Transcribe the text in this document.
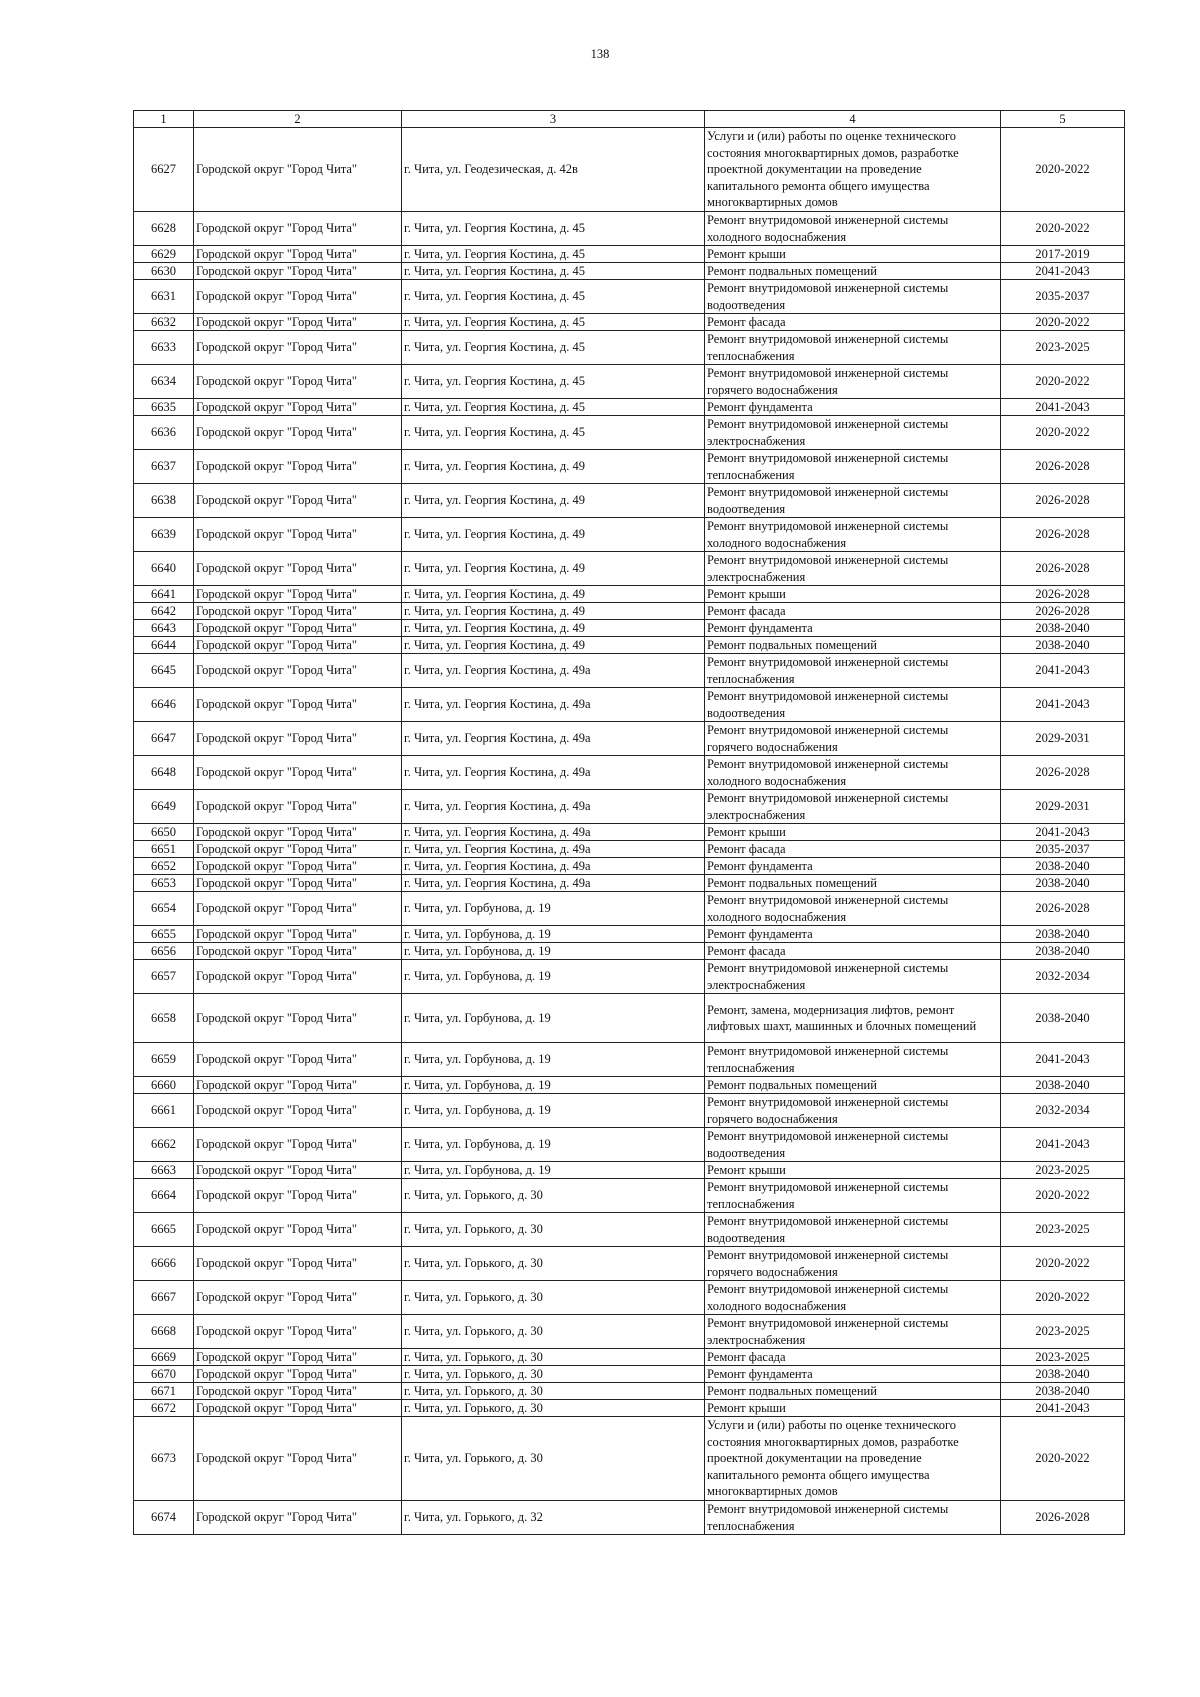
138
1	2	3	4	5
6627	Городской округ "Город Чита"	г. Чита, ул. Геодезическая, д. 42в	Услуги и (или) работы по оценке технического
состояния многоквартирных домов, разработке
проектной документации на проведение
капитального ремонта общего имущества
многоквартирных домов	2020-2022
6628	Городской округ "Город Чита"	г. Чита, ул. Георгия Костина, д. 45	Ремонт внутридомовой инженерной системы
холодного водоснабжения	2020-2022
6629	Городской округ "Город Чита"	г. Чита, ул. Георгия Костина, д. 45	Ремонт крыши	2017-2019
6630	Городской округ "Город Чита"	г. Чита, ул. Георгия Костина, д. 45	Ремонт подвальных помещений	2041-2043
6631	Городской округ "Город Чита"	г. Чита, ул. Георгия Костина, д. 45	Ремонт внутридомовой инженерной системы
водоотведения	2035-2037
6632	Городской округ "Город Чита"	г. Чита, ул. Георгия Костина, д. 45	Ремонт фасада	2020-2022
6633	Городской округ "Город Чита"	г. Чита, ул. Георгия Костина, д. 45	Ремонт внутридомовой инженерной системы
теплоснабжения	2023-2025
6634	Городской округ "Город Чита"	г. Чита, ул. Георгия Костина, д. 45	Ремонт внутридомовой инженерной системы
горячего водоснабжения	2020-2022
6635	Городской округ "Город Чита"	г. Чита, ул. Георгия Костина, д. 45	Ремонт фундамента	2041-2043
6636	Городской округ "Город Чита"	г. Чита, ул. Георгия Костина, д. 45	Ремонт внутридомовой инженерной системы
электроснабжения	2020-2022
6637	Городской округ "Город Чита"	г. Чита, ул. Георгия Костина, д. 49	Ремонт внутридомовой инженерной системы
теплоснабжения	2026-2028
6638	Городской округ "Город Чита"	г. Чита, ул. Георгия Костина, д. 49	Ремонт внутридомовой инженерной системы
водоотведения	2026-2028
6639	Городской округ "Город Чита"	г. Чита, ул. Георгия Костина, д. 49	Ремонт внутридомовой инженерной системы
холодного водоснабжения	2026-2028
6640	Городской округ "Город Чита"	г. Чита, ул. Георгия Костина, д. 49	Ремонт внутридомовой инженерной системы
электроснабжения	2026-2028
6641	Городской округ "Город Чита"	г. Чита, ул. Георгия Костина, д. 49	Ремонт крыши	2026-2028
6642	Городской округ "Город Чита"	г. Чита, ул. Георгия Костина, д. 49	Ремонт фасада	2026-2028
6643	Городской округ "Город Чита"	г. Чита, ул. Георгия Костина, д. 49	Ремонт фундамента	2038-2040
6644	Городской округ "Город Чита"	г. Чита, ул. Георгия Костина, д. 49	Ремонт подвальных помещений	2038-2040
6645	Городской округ "Город Чита"	г. Чита, ул. Георгия Костина, д. 49а	Ремонт внутридомовой инженерной системы
теплоснабжения	2041-2043
6646	Городской округ "Город Чита"	г. Чита, ул. Георгия Костина, д. 49а	Ремонт внутридомовой инженерной системы
водоотведения	2041-2043
6647	Городской округ "Город Чита"	г. Чита, ул. Георгия Костина, д. 49а	Ремонт внутридомовой инженерной системы
горячего водоснабжения	2029-2031
6648	Городской округ "Город Чита"	г. Чита, ул. Георгия Костина, д. 49а	Ремонт внутридомовой инженерной системы
холодного водоснабжения	2026-2028
6649	Городской округ "Город Чита"	г. Чита, ул. Георгия Костина, д. 49а	Ремонт внутридомовой инженерной системы
электроснабжения	2029-2031
6650	Городской округ "Город Чита"	г. Чита, ул. Георгия Костина, д. 49а	Ремонт крыши	2041-2043
6651	Городской округ "Город Чита"	г. Чита, ул. Георгия Костина, д. 49а	Ремонт фасада	2035-2037
6652	Городской округ "Город Чита"	г. Чита, ул. Георгия Костина, д. 49а	Ремонт фундамента	2038-2040
6653	Городской округ "Город Чита"	г. Чита, ул. Георгия Костина, д. 49а	Ремонт подвальных помещений	2038-2040
6654	Городской округ "Город Чита"	г. Чита, ул. Горбунова, д. 19	Ремонт внутридомовой инженерной системы
холодного водоснабжения	2026-2028
6655	Городской округ "Город Чита"	г. Чита, ул. Горбунова, д. 19	Ремонт фундамента	2038-2040
6656	Городской округ "Город Чита"	г. Чита, ул. Горбунова, д. 19	Ремонт фасада	2038-2040
6657	Городской округ "Город Чита"	г. Чита, ул. Горбунова, д. 19	Ремонт внутридомовой инженерной системы
электроснабжения	2032-2034
6658	Городской округ "Город Чита"	г. Чита, ул. Горбунова, д. 19	Ремонт, замена, модернизация лифтов, ремонт
лифтовых шахт, машинных и блочных помещений	2038-2040
6659	Городской округ "Город Чита"	г. Чита, ул. Горбунова, д. 19	Ремонт внутридомовой инженерной системы
теплоснабжения	2041-2043
6660	Городской округ "Город Чита"	г. Чита, ул. Горбунова, д. 19	Ремонт подвальных помещений	2038-2040
6661	Городской округ "Город Чита"	г. Чита, ул. Горбунова, д. 19	Ремонт внутридомовой инженерной системы
горячего водоснабжения	2032-2034
6662	Городской округ "Город Чита"	г. Чита, ул. Горбунова, д. 19	Ремонт внутридомовой инженерной системы
водоотведения	2041-2043
6663	Городской округ "Город Чита"	г. Чита, ул. Горбунова, д. 19	Ремонт крыши	2023-2025
6664	Городской округ "Город Чита"	г. Чита, ул. Горького, д. 30	Ремонт внутридомовой инженерной системы
теплоснабжения	2020-2022
6665	Городской округ "Город Чита"	г. Чита, ул. Горького, д. 30	Ремонт внутридомовой инженерной системы
водоотведения	2023-2025
6666	Городской округ "Город Чита"	г. Чита, ул. Горького, д. 30	Ремонт внутридомовой инженерной системы
горячего водоснабжения	2020-2022
6667	Городской округ "Город Чита"	г. Чита, ул. Горького, д. 30	Ремонт внутридомовой инженерной системы
холодного водоснабжения	2020-2022
6668	Городской округ "Город Чита"	г. Чита, ул. Горького, д. 30	Ремонт внутридомовой инженерной системы
электроснабжения	2023-2025
6669	Городской округ "Город Чита"	г. Чита, ул. Горького, д. 30	Ремонт фасада	2023-2025
6670	Городской округ "Город Чита"	г. Чита, ул. Горького, д. 30	Ремонт фундамента	2038-2040
6671	Городской округ "Город Чита"	г. Чита, ул. Горького, д. 30	Ремонт подвальных помещений	2038-2040
6672	Городской округ "Город Чита"	г. Чита, ул. Горького, д. 30	Ремонт крыши	2041-2043
6673	Городской округ "Город Чита"	г. Чита, ул. Горького, д. 30	Услуги и (или) работы по оценке технического
состояния многоквартирных домов, разработке
проектной документации на проведение
капитального ремонта общего имущества
многоквартирных домов	2020-2022
6674	Городской округ "Город Чита"	г. Чита, ул. Горького, д. 32	Ремонт внутридомовой инженерной системы
теплоснабжения	2026-2028
